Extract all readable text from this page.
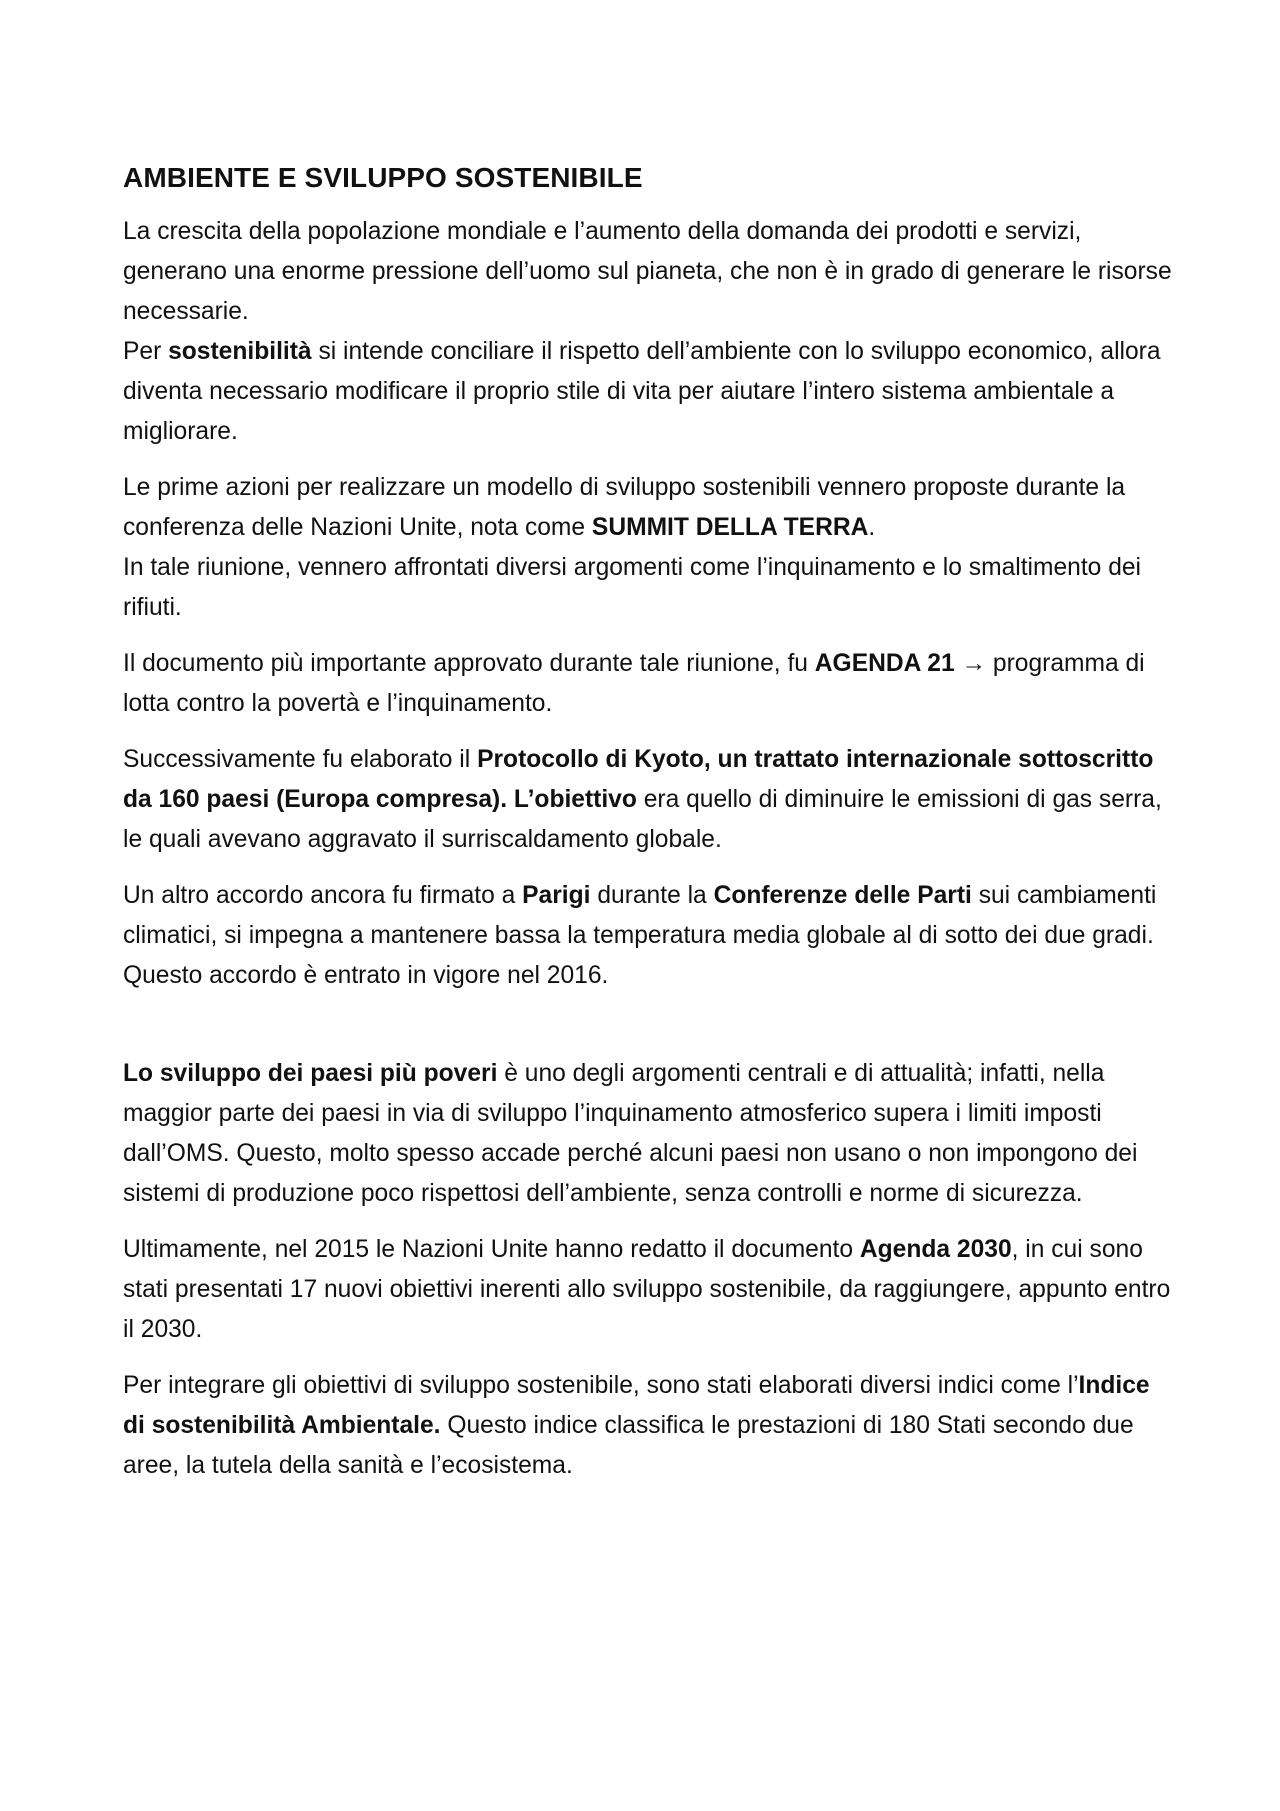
AMBIENTE E SVILUPPO SOSTENIBILE
La crescita della popolazione mondiale e l’aumento della domanda dei prodotti e servizi, generano una enorme pressione dell’uomo sul pianeta, che non è in grado di generare le risorse necessarie.
Per sostenibilità si intende conciliare il rispetto dell’ambiente con lo sviluppo economico, allora diventa necessario modificare il proprio stile di vita per aiutare l’intero sistema ambientale a migliorare.
Le prime azioni per realizzare un modello di sviluppo sostenibili vennero proposte durante la conferenza delle Nazioni Unite, nota come SUMMIT DELLA TERRA.
In tale riunione, vennero affrontati diversi argomenti come l’inquinamento e lo smaltimento dei rifiuti.
Il documento più importante approvato durante tale riunione, fu AGENDA 21 → programma di lotta contro la povertà e l’inquinamento.
Successivamente fu elaborato il Protocollo di Kyoto, un trattato internazionale sottoscritto da 160 paesi (Europa compresa). L’obiettivo era quello di diminuire le emissioni di gas serra, le quali avevano aggravato il surriscaldamento globale.
Un altro accordo ancora fu firmato a Parigi durante la Conferenze delle Parti sui cambiamenti climatici, si impegna a mantenere bassa la temperatura media globale al di sotto dei due gradi. Questo accordo è entrato in vigore nel 2016.
Lo sviluppo dei paesi più poveri è uno degli argomenti centrali e di attualità; infatti, nella maggior parte dei paesi in via di sviluppo l’inquinamento atmosferico supera i limiti imposti dall’OMS. Questo, molto spesso accade perché alcuni paesi non usano o non impongono dei sistemi di produzione poco rispettosi dell’ambiente, senza controlli e norme di sicurezza.
Ultimamente, nel 2015 le Nazioni Unite hanno redatto il documento Agenda 2030, in cui sono stati presentati 17 nuovi obiettivi inerenti allo sviluppo sostenibile, da raggiungere, appunto entro il 2030.
Per integrare gli obiettivi di sviluppo sostenibile, sono stati elaborati diversi indici come l’Indice di sostenibilità Ambientale. Questo indice classifica le prestazioni di 180 Stati secondo due aree, la tutela della sanità e l’ecosistema.
